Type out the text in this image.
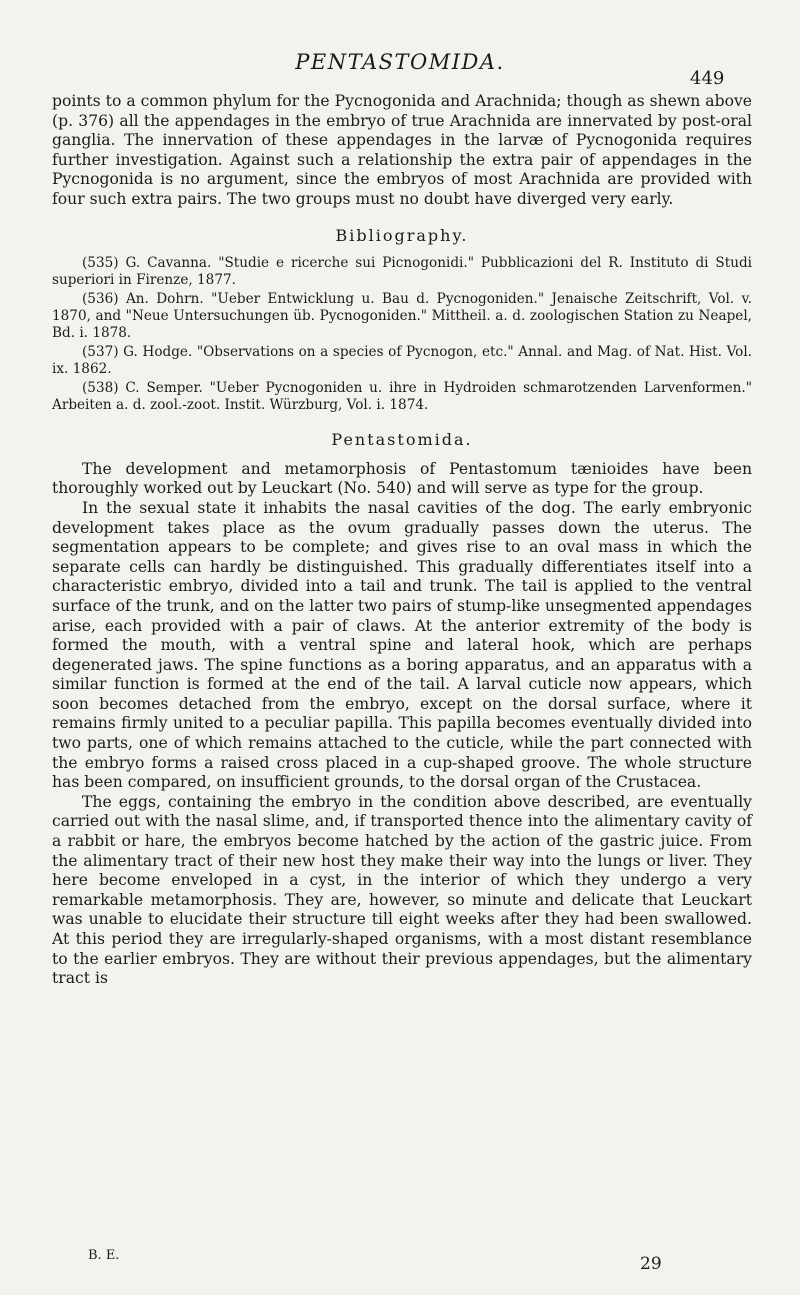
PENTASTOMIDA.
449

points to a common phylum for the Pycnogonida and Arachnida; though as shewn above (p. 376) all the appendages in the embryo of true Arachnida are innervated by post-oral ganglia. The innervation of these appendages in the larvæ of Pycnogonida requires further investigation. Against such a relationship the extra pair of appendages in the Pycnogonida is no argument, since the embryos of most Arachnida are provided with four such extra pairs. The two groups must no doubt have diverged very early.

Bibliography.

(535) G. Cavanna. "Studie e ricerche sui Picnogonidi." Pubblicazioni del R. Instituto di Studi superiori in Firenze, 1877.

(536) An. Dohrn. "Ueber Entwicklung u. Bau d. Pycnogoniden." Jenaische Zeitschrift, Vol. v. 1870, and "Neue Untersuchungen üb. Pycnogoniden." Mittheil. a. d. zoologischen Station zu Neapel, Bd. i. 1878.

(537) G. Hodge. "Observations on a species of Pycnogon, etc." Annal. and Mag. of Nat. Hist. Vol. ix. 1862.

(538) C. Semper. "Ueber Pycnogoniden u. ihre in Hydroiden schmarotzenden Larvenformen." Arbeiten a. d. zool.-zoot. Instit. Würzburg, Vol. i. 1874.

Pentastomida.

The development and metamorphosis of Pentastomum tænioides have been thoroughly worked out by Leuckart (No. 540) and will serve as type for the group.

In the sexual state it inhabits the nasal cavities of the dog. The early embryonic development takes place as the ovum gradually passes down the uterus. The segmentation appears to be complete; and gives rise to an oval mass in which the separate cells can hardly be distinguished. This gradually differentiates itself into a characteristic embryo, divided into a tail and trunk. The tail is applied to the ventral surface of the trunk, and on the latter two pairs of stump-like unsegmented appendages arise, each provided with a pair of claws. At the anterior extremity of the body is formed the mouth, with a ventral spine and lateral hook, which are perhaps degenerated jaws. The spine functions as a boring apparatus, and an apparatus with a similar function is formed at the end of the tail. A larval cuticle now appears, which soon becomes detached from the embryo, except on the dorsal surface, where it remains firmly united to a peculiar papilla. This papilla becomes eventually divided into two parts, one of which remains attached to the cuticle, while the part connected with the embryo forms a raised cross placed in a cup-shaped groove. The whole structure has been compared, on insufficient grounds, to the dorsal organ of the Crustacea.

The eggs, containing the embryo in the condition above described, are eventually carried out with the nasal slime, and, if transported thence into the alimentary cavity of a rabbit or hare, the embryos become hatched by the action of the gastric juice. From the alimentary tract of their new host they make their way into the lungs or liver. They here become enveloped in a cyst, in the interior of which they undergo a very remarkable metamorphosis. They are, however, so minute and delicate that Leuckart was unable to elucidate their structure till eight weeks after they had been swallowed. At this period they are irregularly-shaped organisms, with a most distant resemblance to the earlier embryos. They are without their previous appendages, but the alimentary tract is

B. E.	29
